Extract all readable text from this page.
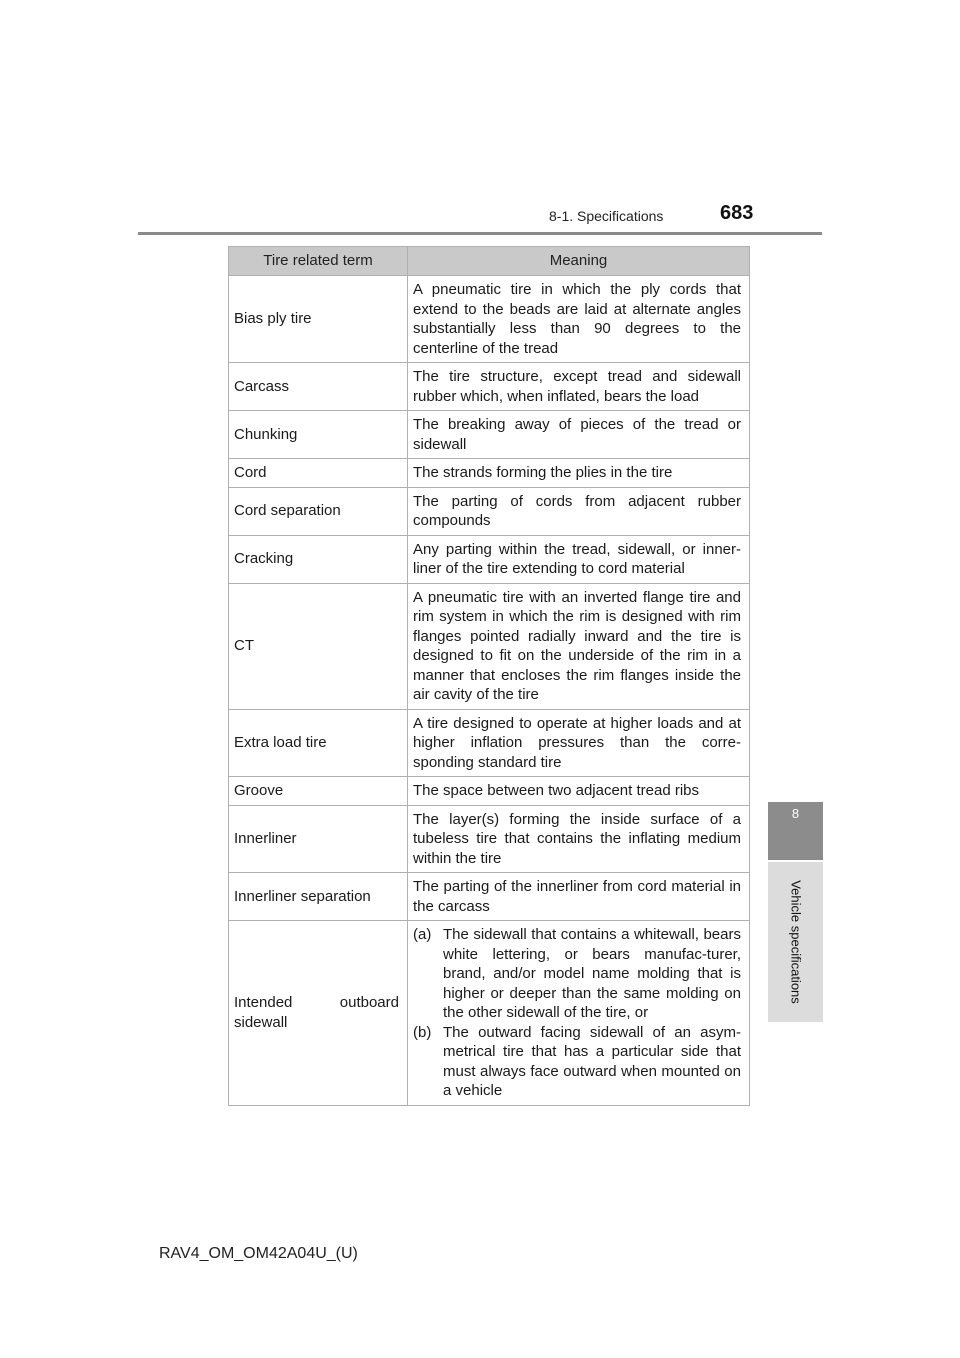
8-1. Specifications	683
8
Vehicle specifications
Tire related term	Meaning
Bias ply tire	A pneumatic tire in which the ply cords that extend to the beads are laid at alternate angles substantially less than 90 degrees to the centerline of the tread
Carcass	The tire structure, except tread and sidewall rubber which, when inflated, bears the load
Chunking	The breaking away of pieces of the tread or sidewall
Cord	The strands forming the plies in the tire
Cord separation	The parting of cords from adjacent rubber compounds
Cracking	Any parting within the tread, sidewall, or inner-liner of the tire extending to cord material
CT	A pneumatic tire with an inverted flange tire and rim system in which the rim is designed with rim flanges pointed radially inward and the tire is designed to fit on the underside of the rim in a manner that encloses the rim flanges inside the air cavity of the tire
Extra load tire	A tire designed to operate at higher loads and at higher inflation pressures than the corre-sponding standard tire
Groove	The space between two adjacent tread ribs
Innerliner	The layer(s) forming the inside surface of a tubeless tire that contains the inflating medium within the tire
Innerliner separation	The parting of the innerliner from cord material in the carcass
Intended outboard sidewall	(a) The sidewall that contains a whitewall, bears white lettering, or bears manufac-turer, brand, and/or model name molding that is higher or deeper than the same molding on the other sidewall of the tire, or
(b) The outward facing sidewall of an asym-metrical tire that has a particular side that must always face outward when mounted on a vehicle
RAV4_OM_OM42A04U_(U)
